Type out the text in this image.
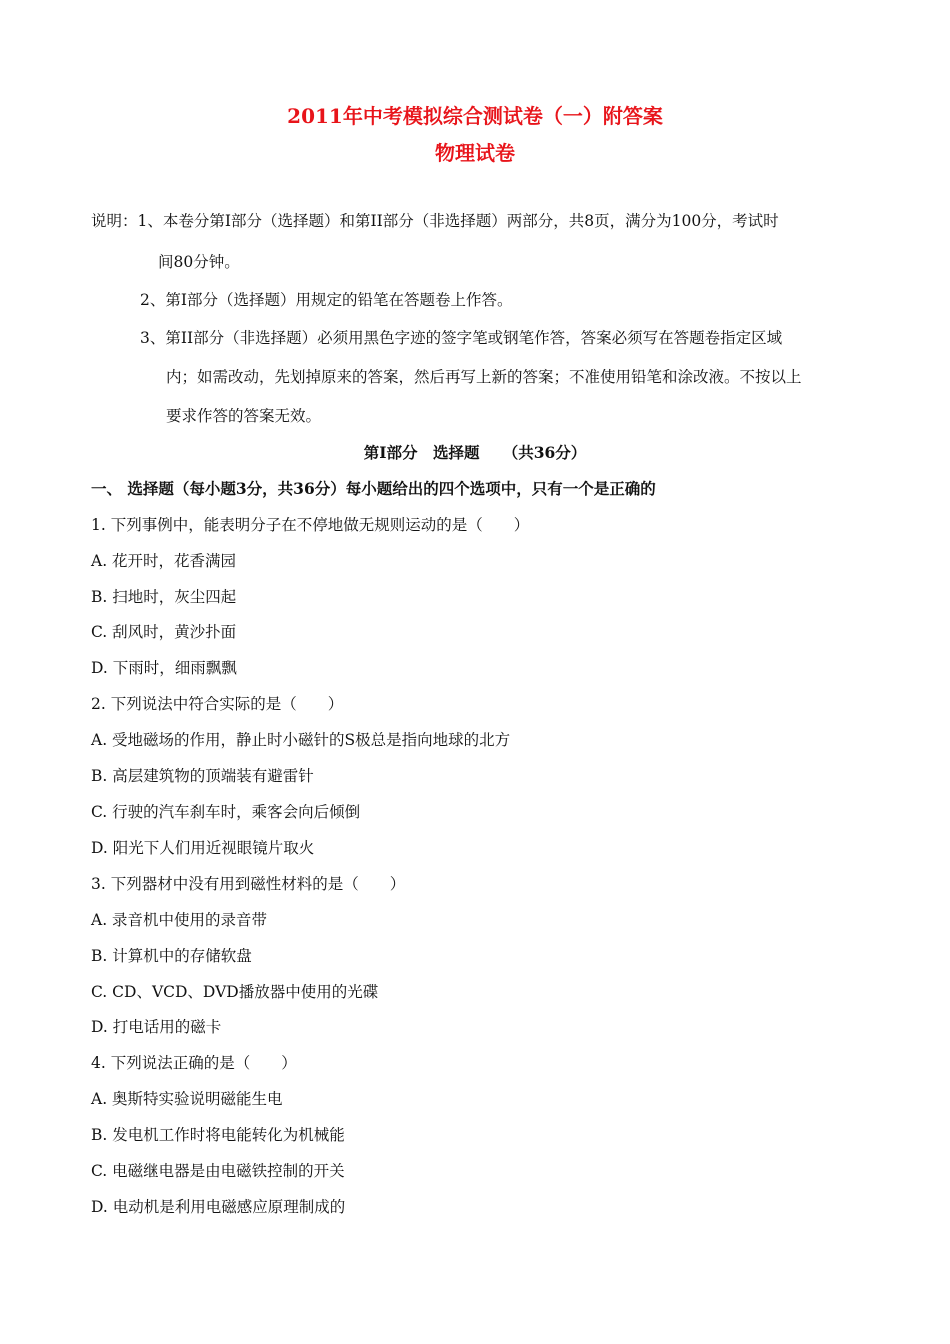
2011年中考模拟综合测试卷（一）附答案
物理试卷
说明：1、本卷分第I部分（选择题）和第II部分（非选择题）两部分，共8页，满分为100分，考试时
间80分钟。
2、第I部分（选择题）用规定的铅笔在答题卷上作答。
3、第II部分（非选择题）必须用黑色字迹的签字笔或钢笔作答，答案必须写在答题卷指定区域
内；如需改动，先划掉原来的答案，然后再写上新的答案；不准使用铅笔和涂改液。不按以上
要求作答的答案无效。
第I部分　选择题　　（共36分）
一、 选择题（每小题3分，共36分）每小题给出的四个选项中，只有一个是正确的
1. 下列事例中，能表明分子在不停地做无规则运动的是（　　）
A. 花开时，花香满园
B. 扫地时，灰尘四起
C. 刮风时，黄沙扑面
D. 下雨时，细雨飘飘
2. 下列说法中符合实际的是（　　）
A. 受地磁场的作用，静止时小磁针的S极总是指向地球的北方
B. 高层建筑物的顶端装有避雷针
C. 行驶的汽车刹车时，乘客会向后倾倒
D. 阳光下人们用近视眼镜片取火
3. 下列器材中没有用到磁性材料的是（　　）
A. 录音机中使用的录音带
B. 计算机中的存储软盘
C. CD、VCD、DVD播放器中使用的光碟
D. 打电话用的磁卡
4. 下列说法正确的是（　　）
A. 奥斯特实验说明磁能生电
B. 发电机工作时将电能转化为机械能
C. 电磁继电器是由电磁铁控制的开关
D. 电动机是利用电磁感应原理制成的
